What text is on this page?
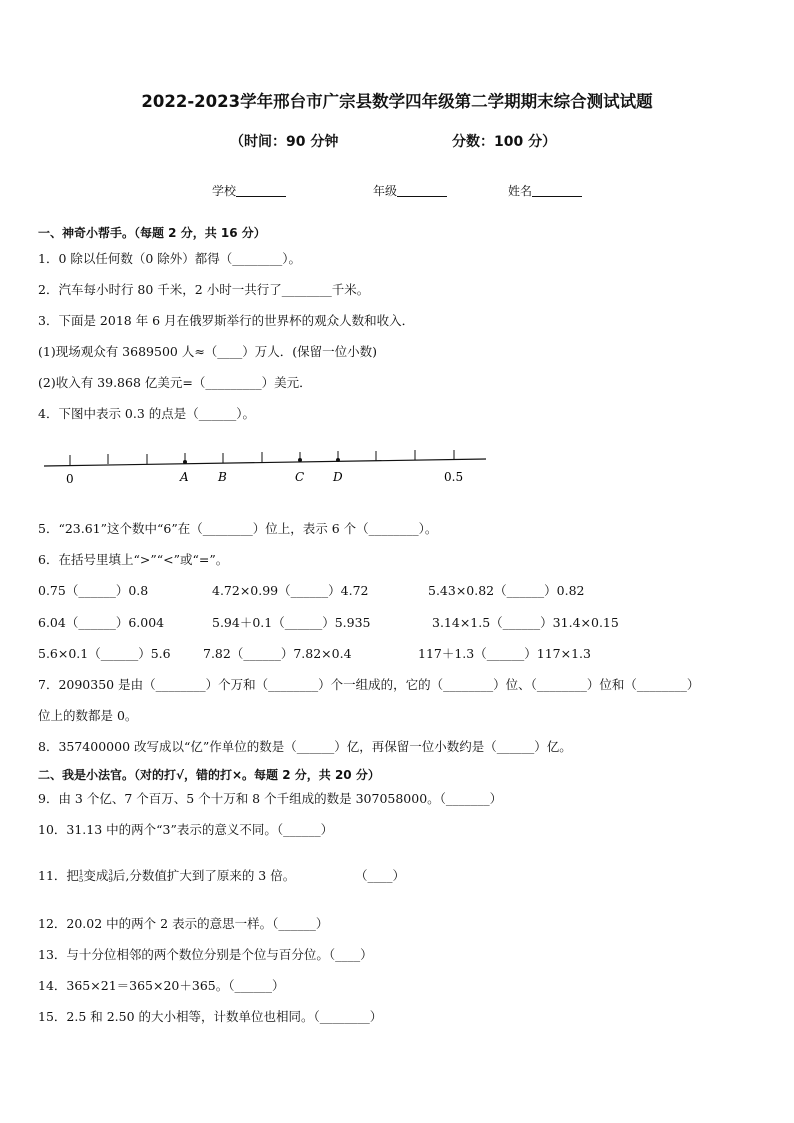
2022-2023学年邢台市广宗县数学四年级第二学期期末综合测试试题
（时间：90 分钟	分数：100 分）
学校	年级	姓名
一、神奇小帮手。（每题 2 分，共 16 分）
1．0 除以任何数（0 除外）都得（________）。
2．汽车每小时行 80 千米，2 小时一共行了________千米。
3．下面是 2018 年 6 月在俄罗斯举行的世界杯的观众人数和收入．
(1)现场观众有 3689500 人≈（____）万人．(保留一位小数)
(2)收入有 39.868 亿美元=（_________）美元．
4．下图中表示 0.3 的点是（______）。
0	A B	C D	0.5
5．“23.61”这个数中“6”在（________）位上，表示 6 个（________）。
6．在括号里填上“>”“<”或“=”。
0.75（______）0.8	4.72×0.99（______）4.72	5.43×0.82（______）0.82
6.04（______）6.004	5.94＋0.1（______）5.935	3.14×1.5（______）31.4×0.15
5.6×0.1（______）5.6	7.82（______）7.82×0.4	117＋1.3（______）117×1.3
7．2090350 是由（________）个万和（________）个一组成的，它的（________）位、（________）位和（________）
位上的数都是 0。
8．357400000 改写成以“亿”作单位的数是（______）亿，再保留一位小数约是（______）亿。
二、我是小法官。（对的打√，错的打×。每题 2 分，共 20 分）
9．由 3 个亿、7 个百万、5 个十万和 8 个千组成的数是 307058000。（_______）
10．31.13 中的两个“3”表示的意义不同。（______）
11．把1
5变成3
9后,分数值扩大到了原来的 3 倍。	（____）
12．20.02 中的两个 2 表示的意思一样。（______）
13．与十分位相邻的两个数位分别是个位与百分位。（____）
14．365×21＝365×20＋365。（______）
15．2.5 和 2.50 的大小相等，计数单位也相同。（________）
